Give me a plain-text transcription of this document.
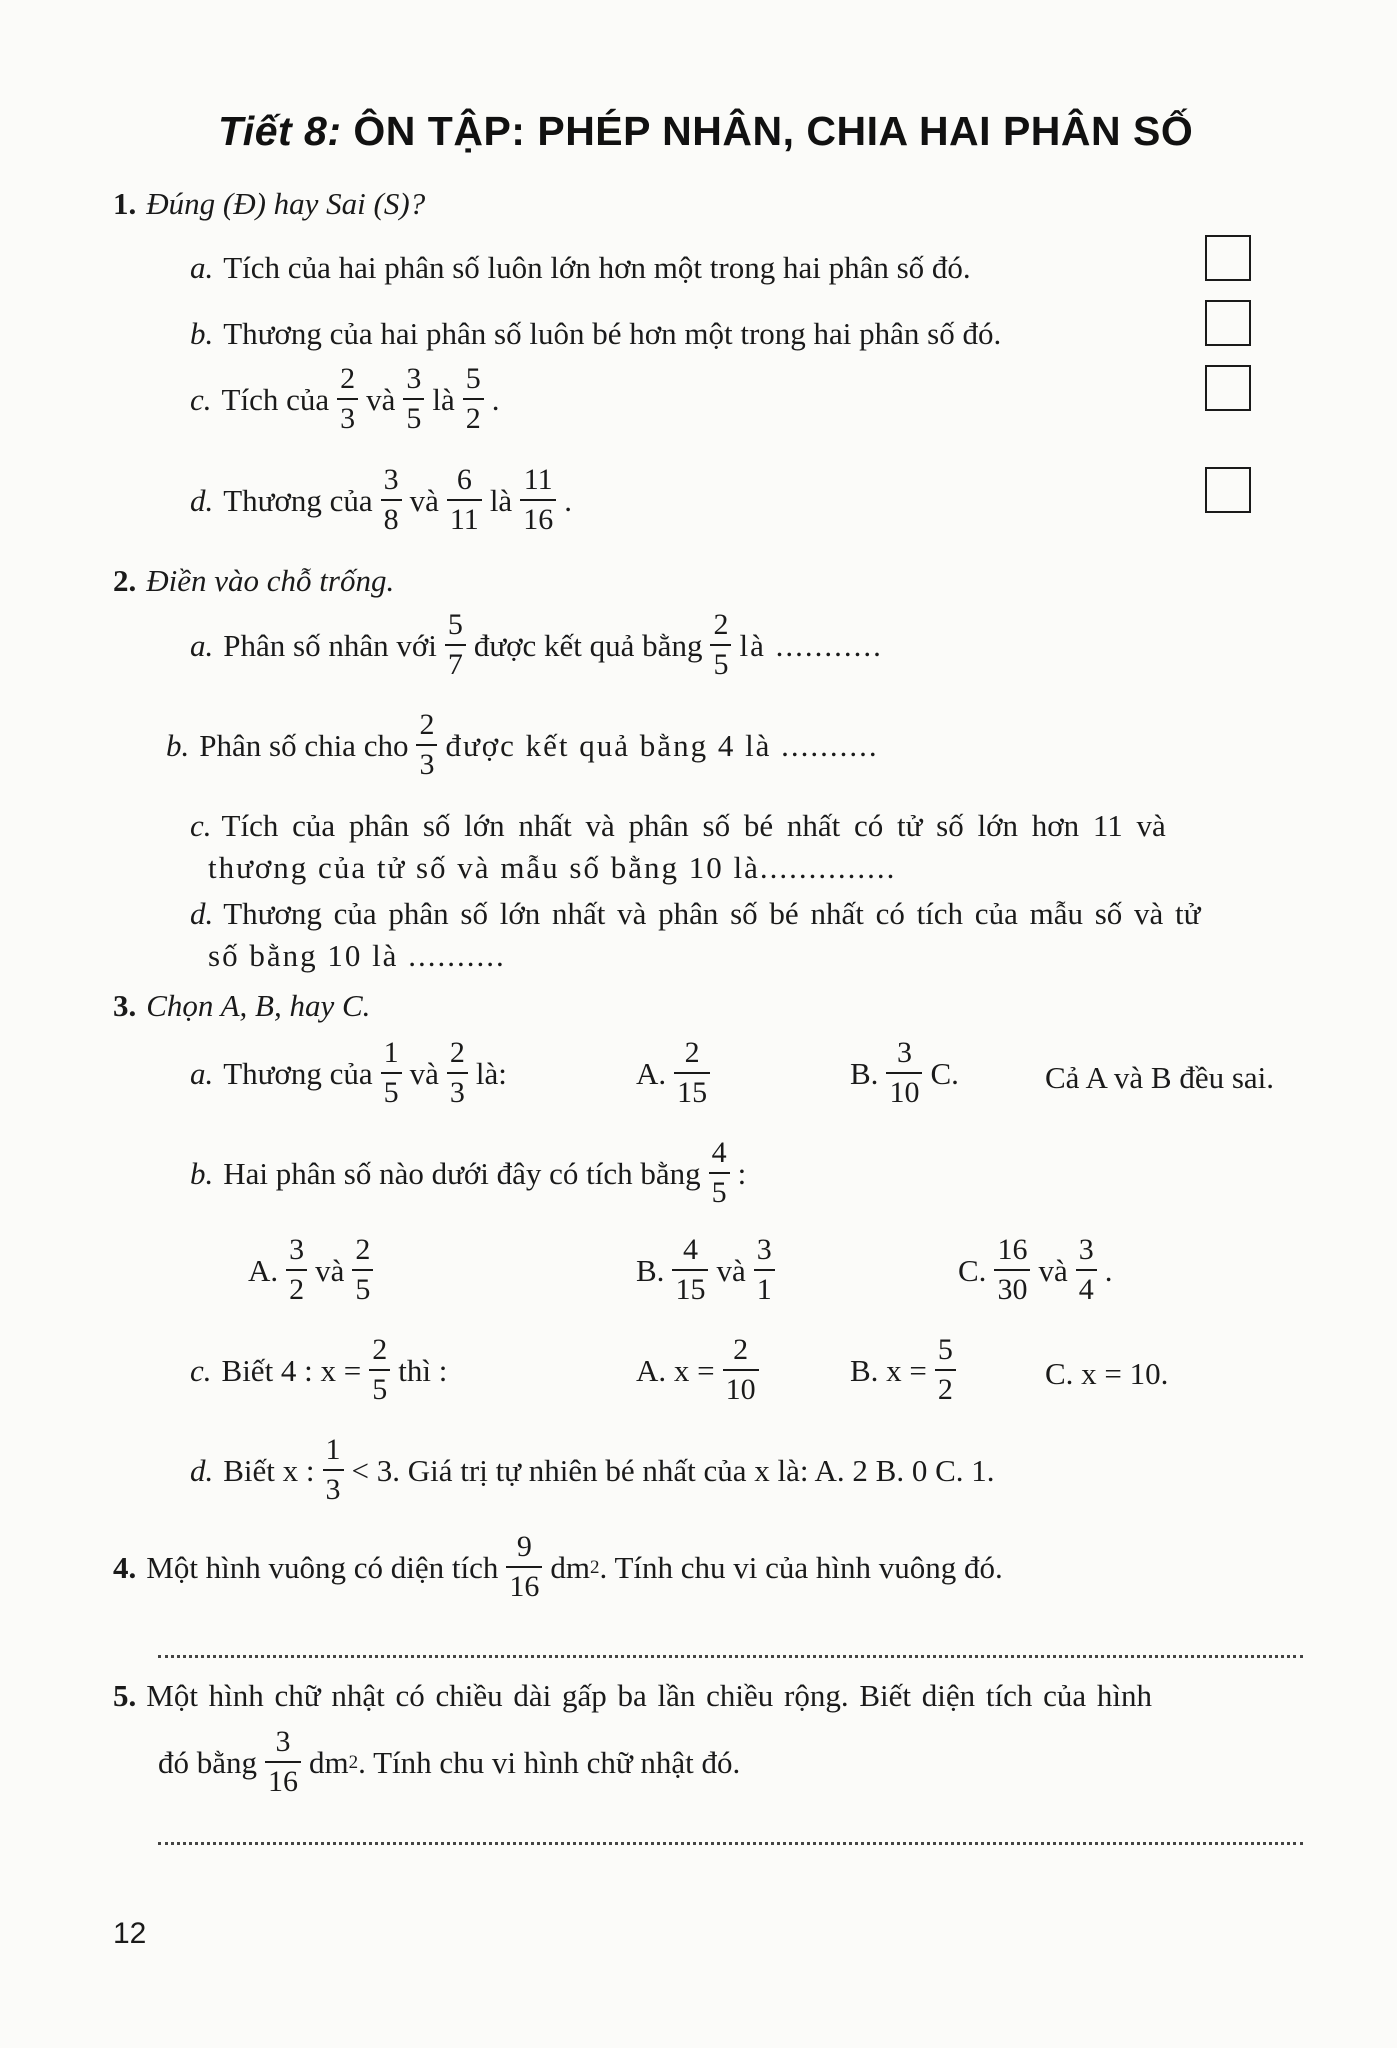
Tiết 8: ÔN TẬP: PHÉP NHÂN, CHIA HAI PHÂN SỐ
1. Đúng (Đ) hay Sai (S)?
a. Tích của hai phân số luôn lớn hơn một trong hai phân số đó.
b. Thương của hai phân số luôn bé hơn một trong hai phân số đó.
c. Tích của $\frac{2}{3}$ và $\frac{3}{5}$ là $\frac{5}{2}$ .
d. Thương của $\frac{3}{8}$ và $\frac{6}{11}$ là $\frac{11}{16}$ .
2. Điền vào chỗ trống.
a. Phân số nhân với $\frac{5}{7}$ được kết quả bằng $\frac{2}{5}$ là ...........
b. Phân số chia cho $\frac{2}{3}$ được kết quả bằng 4 là ..........
c. Tích của phân số lớn nhất và phân số bé nhất có tử số lớn hơn 11 và
thương của tử số và mẫu số bằng 10 là..............
d. Thương của phân số lớn nhất và phân số bé nhất có tích của mẫu số và tử
số bằng 10 là ..........
3. Chọn A, B, hay C.
a. Thương của $\frac{1}{5}$ và $\frac{2}{3}$ là:	A. $\frac{2}{15}$	B. $\frac{3}{10} C$.	Cả A và B đều sai.
b. Hai phân số nào dưới đây có tích bằng $\frac{4}{5}$ :
A. $\frac{3}{2}$ và $\frac{2}{5}$	B. $\frac{4}{15}$ và $\frac{3}{1}$	C. $\frac{16}{30}$ và $\frac{3}{4}$ .
c. Biết 4 : $x = \frac{2}{5}$ thì :	A. $x = \frac{2}{10}$	B. $x = \frac{5}{2}$	C. x = 10.
d. Biết x : $\frac{1}{3} < 3$. Giá trị tự nhiên bé nhất của x là: A. 2 B. 0 C. 1.
4. Một hình vuông có diện tích $\frac{9}{16}$ dm 2 . Tính chu vi của hình vuông đó.
5. Một hình chữ nhật có chiều dài gấp ba lần chiều rộng. Biết diện tích của hình
đó bằng $\frac{3}{16}$ dm 2 . Tính chu vi hình chữ nhật đó.
12
